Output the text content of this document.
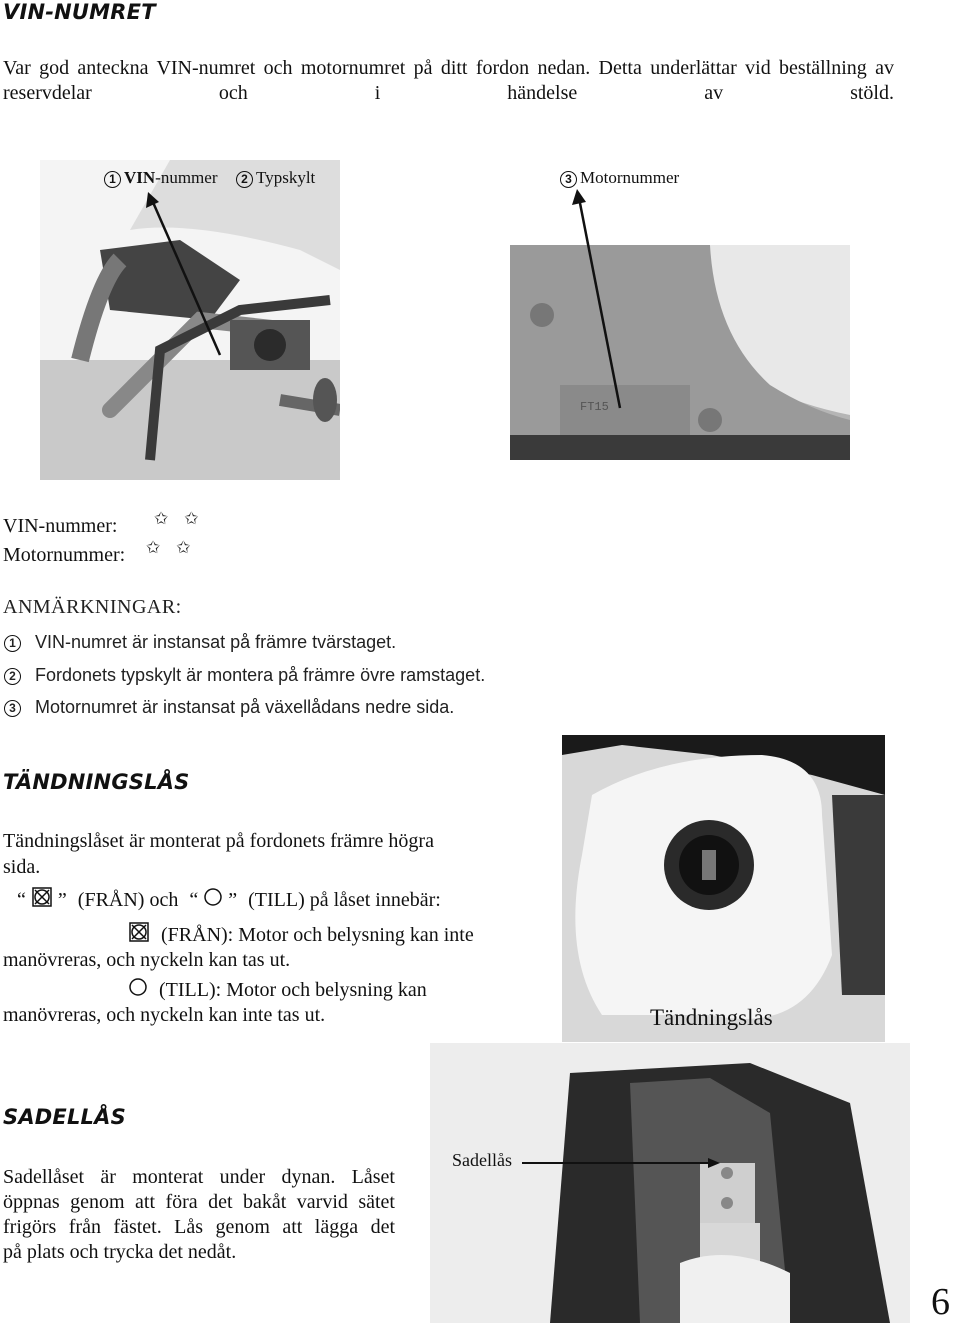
VIN-NUMRET
Var god anteckna VIN-numret och motornumret på ditt fordon nedan. Detta underlättar vid beställning av reservdelar och i händelse av stöld.
1 VIN-nummer	2 Typskylt
FT15
3 Motornummer
VIN-nummer: ✩ ✩
Motornummer: ✩ ✩
ANMÄRKNINGAR:
1 VIN-numret är instansat på främre tvärstaget.
2 Fordonets typskylt är montera på främre övre ramstaget.
3 Motornumret är instansat på växellådans nedre sida.
TÄNDNINGSLÅS
Tändningslåset är monterat på fordonets främre högra
sida.
“ ” (FRÅN) och “ ” (TILL) på låset innebär:
(FRÅN): Motor och belysning kan inte
manövreras, och nyckeln kan tas ut.
(TILL): Motor och belysning kan
manövreras, och nyckeln kan inte tas ut.	Tändningslås
SADELLÅS
Sadellåset är monterat under dynan. Låset
öppnas genom att föra det bakåt varvid sätet
frigörs från fästet. Lås genom att lägga det
på plats och trycka det nedåt.
Sadellås
6
